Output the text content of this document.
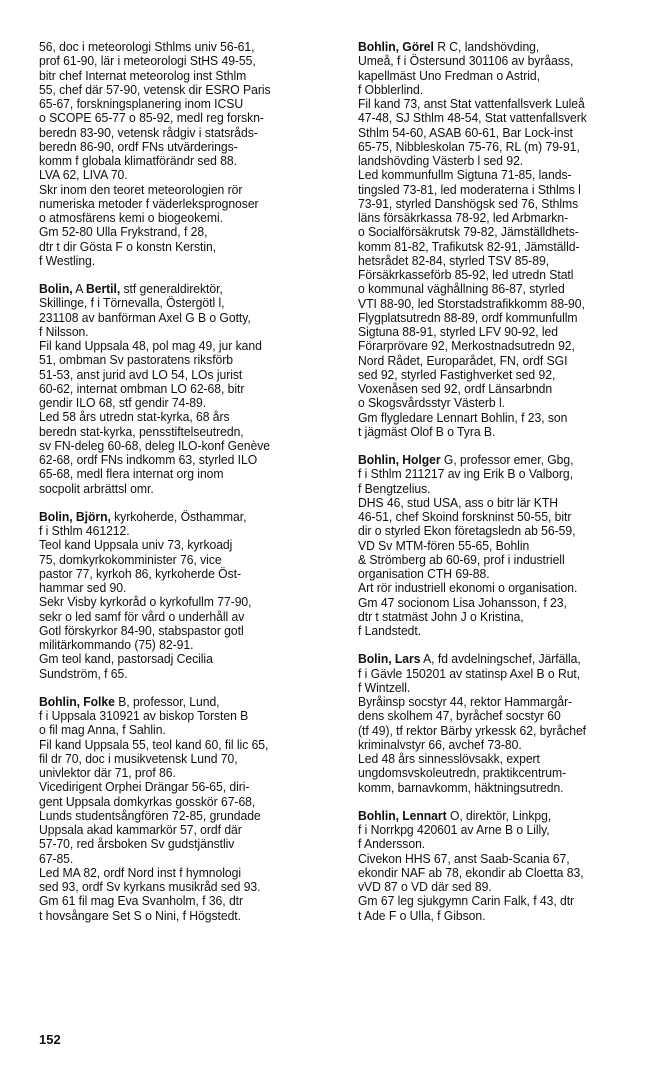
56, doc i meteorologi Sthlms univ 56-61,
prof 61-90, lär i meteorologi StHS 49-55,
bitr chef Internat meteorolog inst Sthlm
55, chef där 57-90, vetensk dir ESRO Paris
65-67, forskningsplanering inom ICSU
o SCOPE 65-77 o 85-92, medl reg forskn-
beredn 83-90, vetensk rådgiv i statsråds-
beredn 86-90, ordf FNs utvärderings-
komm f globala klimatförändr sed 88.
LVA 62, LIVA 70.
Skr inom den teoret meteorologien rör
numeriska metoder f väderleksprognoser
o atmosfärens kemi o biogeokemi.
Gm 52-80 Ulla Frykstrand, f 28,
dtr t dir Gösta F o konstn Kerstin,
f Westling.
Bolin, A Bertil, stf generaldirektör,
Skillinge, f i Törnevalla, Östergötl l,
231108 av banförman Axel G B o Gotty,
f Nilsson.
Fil kand Uppsala 48, pol mag 49, jur kand
51, ombman Sv pastoratens riksförb
51-53, anst jurid avd LO 54, LOs jurist
60-62, internat ombman LO 62-68, bitr
gendir ILO 68, stf gendir 74-89.
Led 58 års utredn stat-kyrka, 68 års
beredn stat-kyrka, pensstiftelseutredn,
sv FN-deleg 60-68, deleg ILO-konf Genève
62-68, ordf FNs indkomm 63, styrled ILO
65-68, medl flera internat org inom
socpolit arbrättsl omr.
Bolin, Björn, kyrkoherde, Östhammar,
f i Sthlm 461212.
Teol kand Uppsala univ 73, kyrkoadj
75, domkyrkokomminister 76, vice
pastor 77, kyrkoh 86, kyrkoherde Öst-
hammar sed 90.
Sekr Visby kyrkoråd o kyrkofullm 77-90,
sekr o led samf för vård o underhåll av
Gotl förskyrkor 84-90, stabspastor gotl
militärkommando (75) 82-91.
Gm teol kand, pastorsadj Cecilia
Sundström, f 65.
Bohlin, Folke B, professor, Lund,
f i Uppsala 310921 av biskop Torsten B
o fil mag Anna, f Sahlin.
Fil kand Uppsala 55, teol kand 60, fil lic 65,
fil dr 70, doc i musikvetensk Lund 70,
univlektor där 71, prof 86.
Vicedirigent Orphei Drängar 56-65, diri-
gent Uppsala domkyrkas gosskör 67-68,
Lunds studentsångfören 72-85, grundade
Uppsala akad kammarkör 57, ordf där
57-70, red årsboken Sv gudstjänstliv
67-85.
Led MA 82, ordf Nord inst f hymnologi
sed 93, ordf Sv kyrkans musikråd sed 93.
Gm 61 fil mag Eva Svanholm, f 36, dtr
t hovsångare Set S o Nini, f Högstedt.
Bohlin, Görel R C, landshövding,
Umeå, f i Östersund 301106 av byråass,
kapellmäst Uno Fredman o Astrid,
f Obblerlind.
Fil kand 73, anst Stat vattenfallsverk Luleå
47-48, SJ Sthlm 48-54, Stat vattenfallsverk
Sthlm 54-60, ASAB 60-61, Bar Lock-inst
65-75, Nibbleskolan 75-76, RL (m) 79-91,
landshövding Västerb l sed 92.
Led kommunfullm Sigtuna 71-85, lands-
tingsled 73-81, led moderaterna i Sthlms l
73-91, styrled Danshögsk sed 76, Sthlms
läns försäkrkassa 78-92, led Arbmarkn-
o Socialförsäkrutsk 79-82, Jämställdhets-
komm 81-82, Trafikutsk 82-91, Jämställd-
hetsrådet 82-84, styrled TSV 85-89,
Försäkrkasseförb 85-92, led utredn Statl
o kommunal väghållning 86-87, styrled
VTI 88-90, led Storstadstrafikkomm 88-90,
Flygplatsutredn 88-89, ordf kommunfullm
Sigtuna 88-91, styrled LFV 90-92, led
Förarprövare 92, Merkostnadsutredn 92,
Nord Rådet, Europarådet, FN, ordf SGI
sed 92, styrled Fastighverket sed 92,
Voxenåsen sed 92, ordf Länsarbndn
o Skogsvårdsstyr Västerb l.
Gm flygledare Lennart Bohlin, f 23, son
t jägmäst Olof B o Tyra B.
Bohlin, Holger G, professor emer, Gbg,
f i Sthlm 211217 av ing Erik B o Valborg,
f Bengtzelius.
DHS 46, stud USA, ass o bitr lär KTH
46-51, chef Skoind forskninst 50-55, bitr
dir o styrled Ekon företagsledn ab 56-59,
VD Sv MTM-fören 55-65, Bohlin
& Strömberg ab 60-69, prof i industriell
organisation CTH 69-88.
Art rör industriell ekonomi o organisation.
Gm 47 socionom Lisa Johansson, f 23,
dtr t statmäst John J o Kristina,
f Landstedt.
Bolin, Lars A, fd avdelningschef, Järfälla,
f i Gävle 150201 av statinsp Axel B o Rut,
f Wintzell.
Byråinsp socstyr 44, rektor Hammargår-
dens skolhem 47, byråchef socstyr 60
(tf 49), tf rektor Bärby yrkessk 62, byråchef
kriminalvstyr 66, avchef 73-80.
Led 48 års sinnesslövsakk, expert
ungdomsvskoleutredn, praktikcentrum-
komm, barnavkomm, häktningsutredn.
Bohlin, Lennart O, direktör, Linkpg,
f i Norrkpg 420601 av Arne B o Lilly,
f Andersson.
Civekon HHS 67, anst Saab-Scania 67,
ekondir NAF ab 78, ekondir ab Cloetta 83,
vVD 87 o VD där sed 89.
Gm 67 leg sjukgymn Carin Falk, f 43, dtr
t Ade F o Ulla, f Gibson.
152
